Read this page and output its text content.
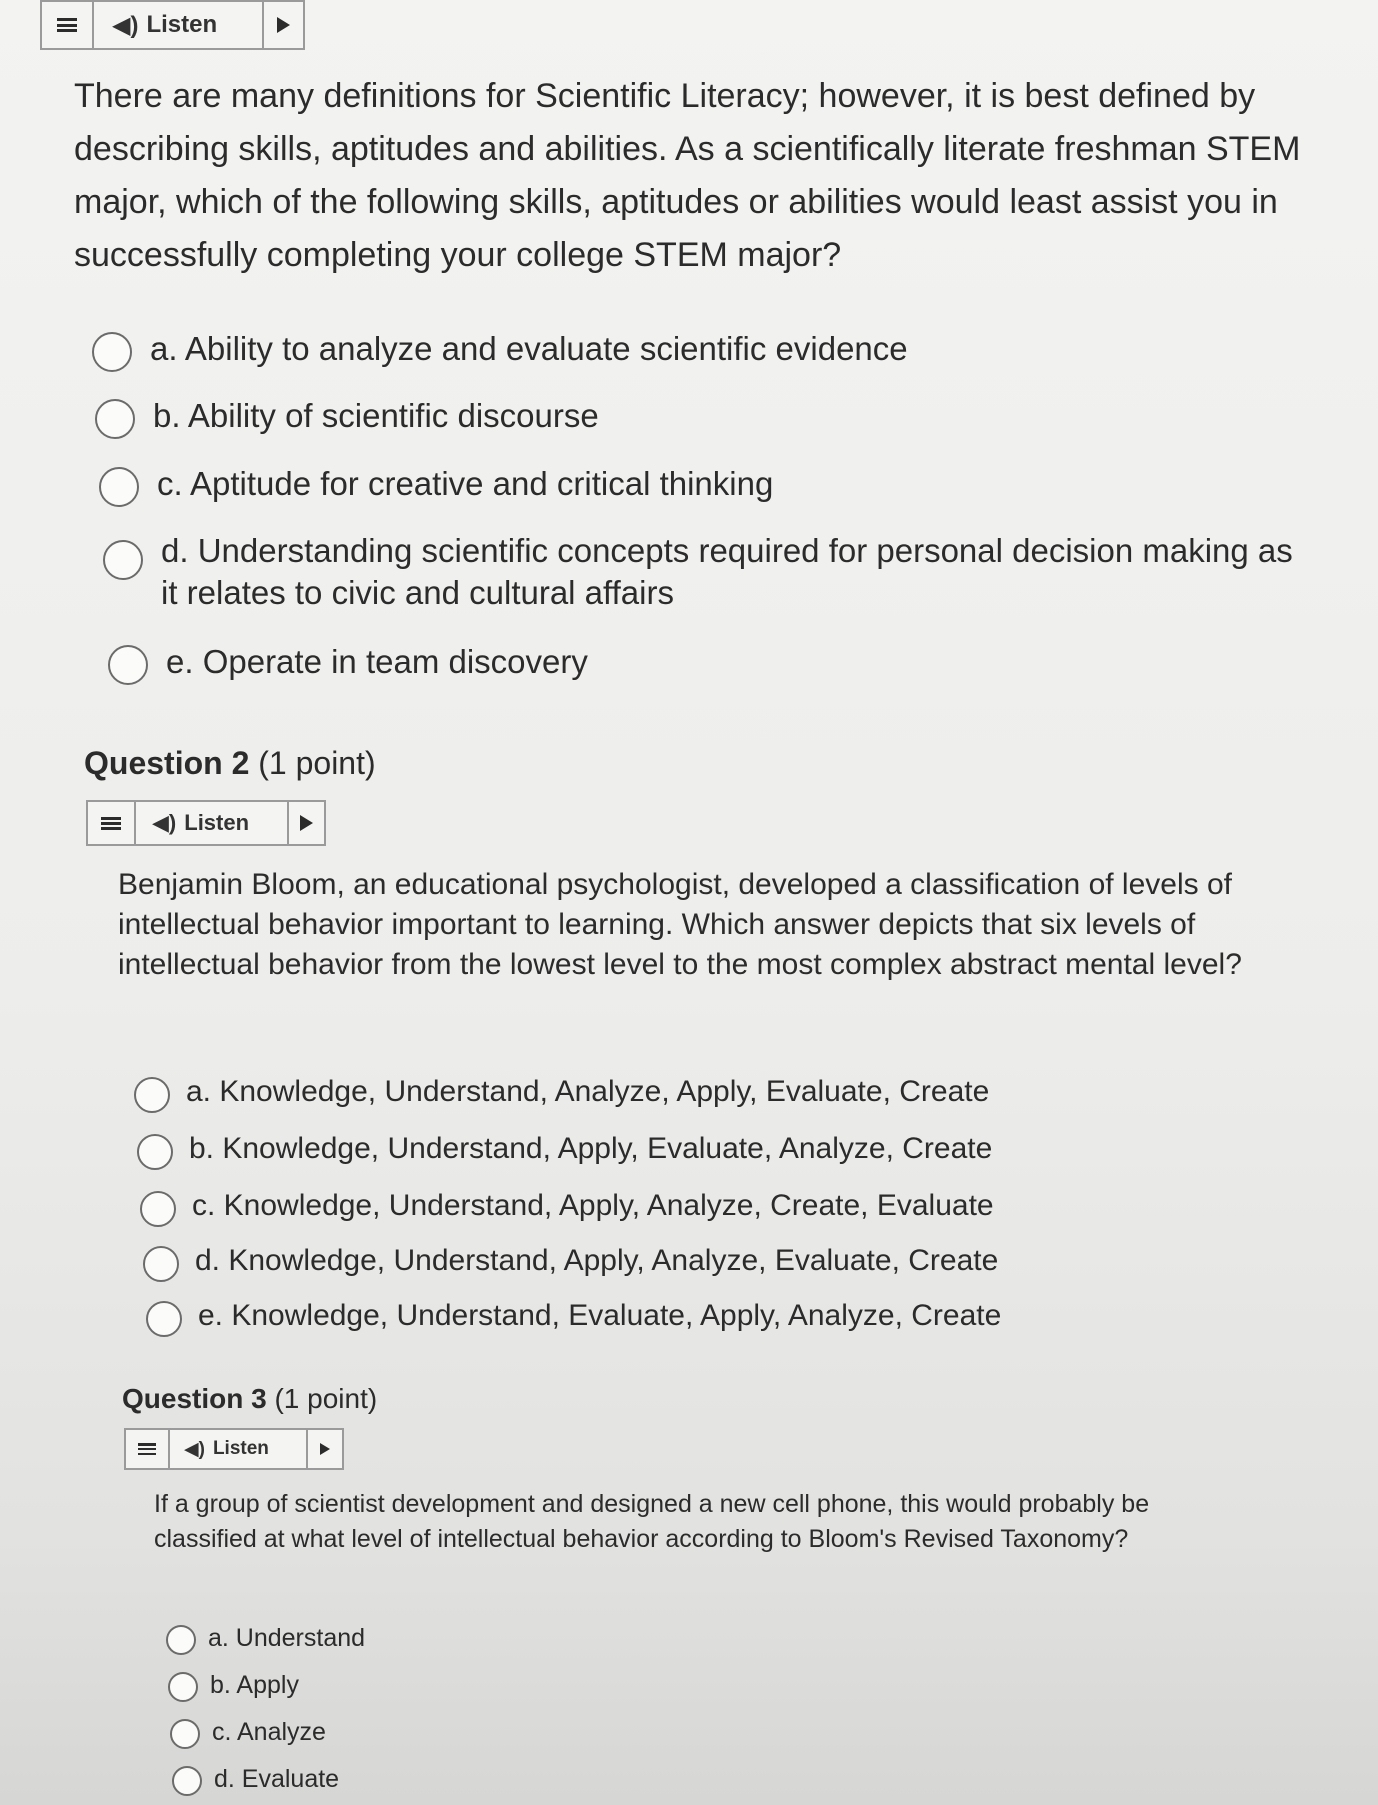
◀) Listen
There are many definitions for Scientific Literacy; however, it is best defined by describing skills, aptitudes and abilities. As a scientifically literate freshman STEM major, which of the following skills, aptitudes or abilities would least assist you in successfully completing your college STEM major?
a. Ability to analyze and evaluate scientific evidence
b. Ability of scientific discourse
c. Aptitude for creative and critical thinking
d. Understanding scientific concepts required for personal decision making as it relates to civic and cultural affairs
e. Operate in team discovery
Question 2 (1 point)
◀) Listen
Benjamin Bloom, an educational psychologist, developed a classification of levels of intellectual behavior important to learning. Which answer depicts that six levels of intellectual behavior from the lowest level to the most complex abstract mental level?
a. Knowledge, Understand, Analyze, Apply, Evaluate, Create
b. Knowledge, Understand, Apply, Evaluate, Analyze, Create
c. Knowledge, Understand, Apply, Analyze, Create, Evaluate
d. Knowledge, Understand, Apply, Analyze, Evaluate, Create
e. Knowledge, Understand, Evaluate, Apply, Analyze, Create
Question 3 (1 point)
◀) Listen
If a group of scientist development and designed a new cell phone, this would probably be classified at what level of intellectual behavior according to Bloom's Revised Taxonomy?
a. Understand
b. Apply
c. Analyze
d. Evaluate
